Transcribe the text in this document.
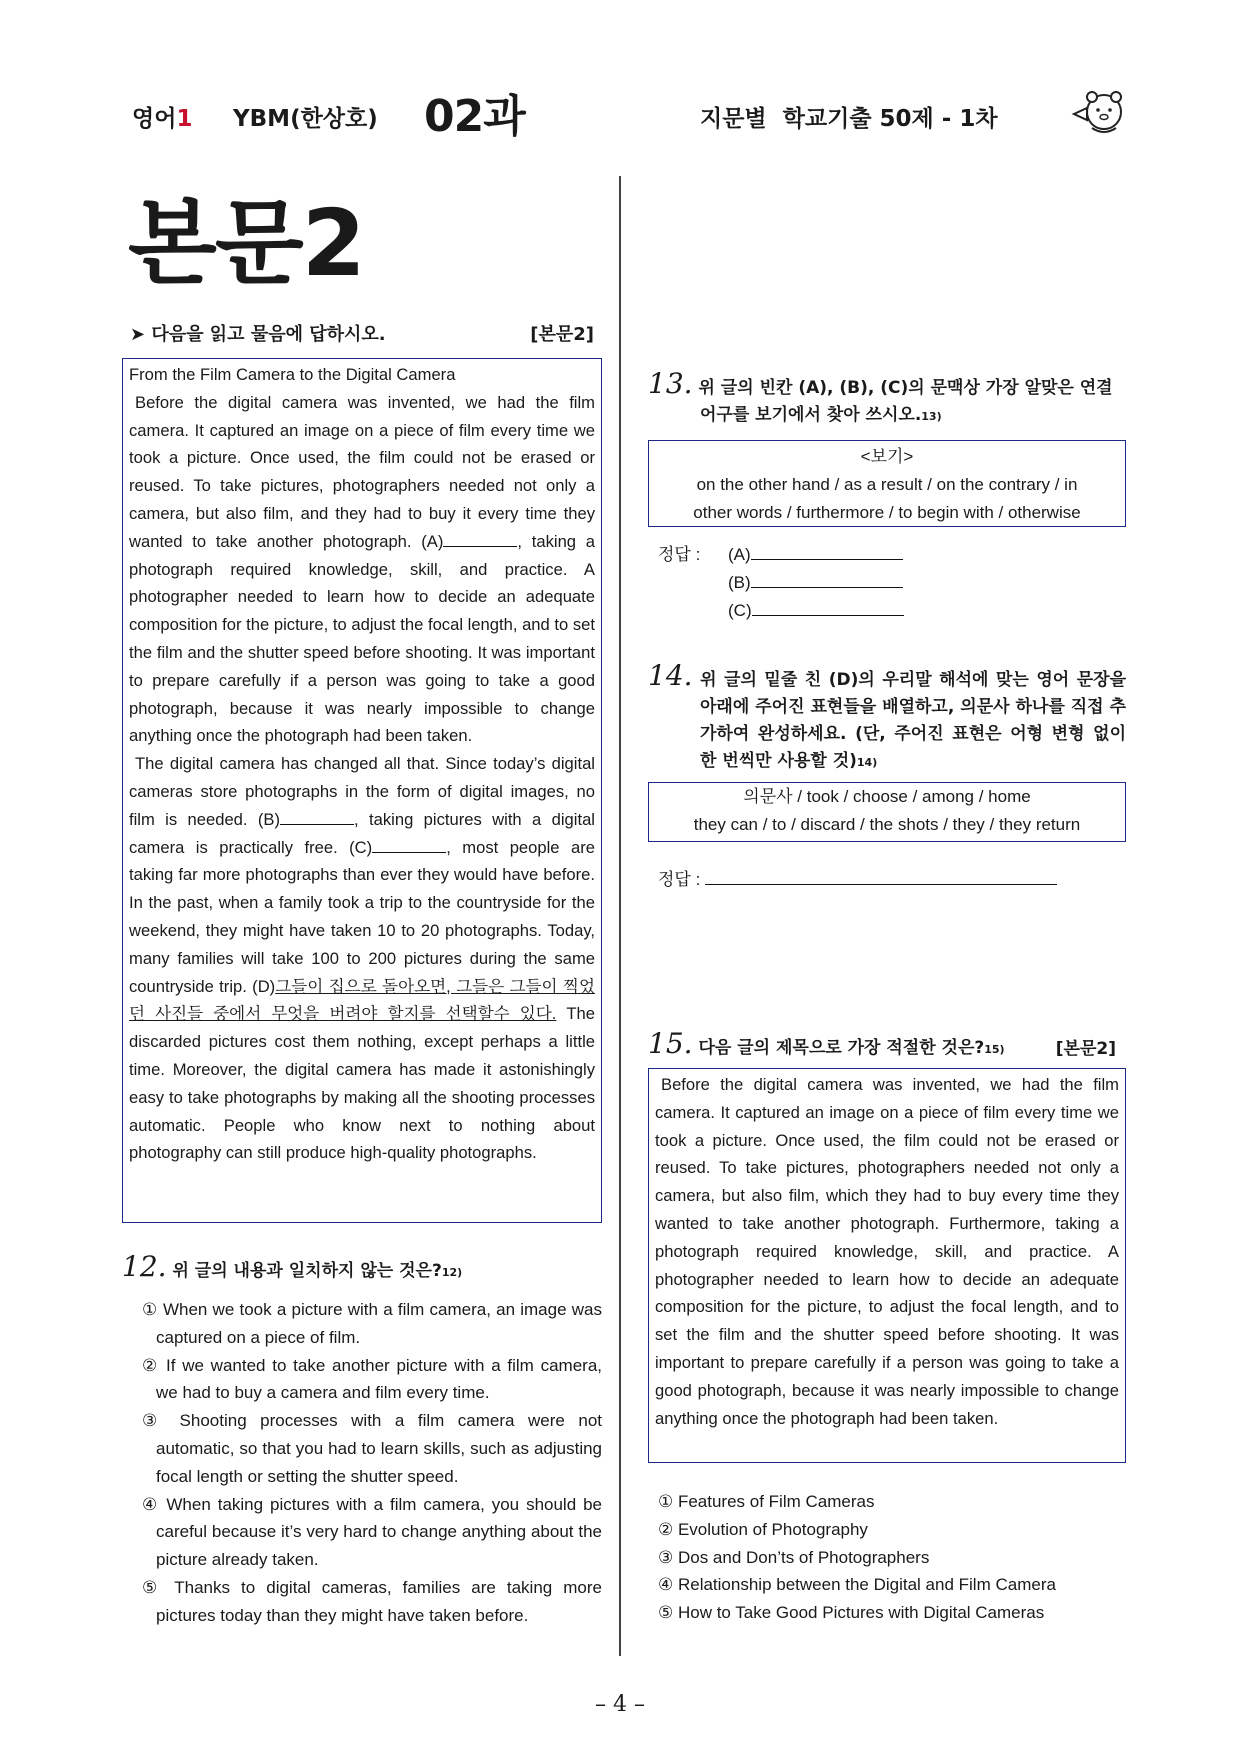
영어1 YBM(한상호) 02과	지문별  학교기출 50제 - 1차
본문2
➤ 다음을 읽고 물음에 답하시오.	[본문2]

From the Film Camera to the Digital Camera

Before the digital camera was invented, we had the film camera. It captured an image on a piece of film every time we took a picture. Once used, the film could not be erased or reused. To take pictures, photographers needed not only a camera, but also film, and they had to buy it every time they wanted to take another photograph. (A)	, taking a photograph required knowledge, skill, and practice. A photographer needed to learn how to decide an adequate composition for the picture, to adjust the focal length, and to set the film and the shutter speed before shooting. It was important to prepare carefully if a person was going to take a good photograph, because it was nearly impossible to change anything once the photograph had been taken.

The digital camera has changed all that. Since today’s digital cameras store photographs in the form of digital images, no film is needed. (B)	, taking pictures with a digital camera is practically free. (C)	, most people are taking far more photographs than ever they would have before. In the past, when a family took a trip to the countryside for the weekend, they might have taken 10 to 20 photographs. Today, many families will take 100 to 200 pictures during the same countryside trip. (D)그들이 집으로 돌아오면, 그들은 그들이 찍었던 사진들 중에서 무엇을 버려야 할지를 선택할수 있다. The discarded pictures cost them nothing, except perhaps a little time. Moreover, the digital camera has made it astonishingly easy to take photographs by making all the shooting processes automatic. People who know next to nothing about photography can still produce high-quality photographs.

12. 위 글의 내용과 일치하지 않는 것은?12)
① When we took a picture with a film camera, an image was captured on a piece of film.
② If we wanted to take another picture with a film camera, we had to buy a camera and film every time.
③ Shooting processes with a film camera were not automatic, so that you had to learn skills, such as adjusting focal length or setting the shutter speed.
④ When taking pictures with a film camera, you should be careful because it’s very hard to change anything about the picture already taken.
⑤ Thanks to digital cameras, families are taking more pictures today than they might have taken before.
13. 위 글의 빈칸 (A), (B), (C)의 문맥상 가장 알맞은 연결어구를 보기에서 찾아 쓰시오.13)
<보기>
on the other hand / as a result / on the contrary / in
other words / furthermore / to begin with / otherwise
정답 : (A)
(B)
(C)
14. 위 글의 밑줄 친 (D)의 우리말 해석에 맞는 영어 문장을 아래에 주어진 표현들을 배열하고, 의문사 하나를 직접 추가하여 완성하세요. (단, 주어진 표현은 어형 변형 없이 한 번씩만 사용할 것)14)
의문사 / took / choose / among / home
they can / to / discard / the shots / they / they return
정답 :
15. 다음 글의 제목으로 가장 적절한 것은?15)	[본문2]

Before the digital camera was invented, we had the film camera. It captured an image on a piece of film every time we took a picture. Once used, the film could not be erased or reused. To take pictures, photographers needed not only a camera, but also film, which they had to buy every time they wanted to take another photograph. Furthermore, taking a photograph required knowledge, skill, and practice. A photographer needed to learn how to decide an adequate composition for the picture, to adjust the focal length, and to set the film and the shutter speed before shooting. It was important to prepare carefully if a person was going to take a good photograph, because it was nearly impossible to change anything once the photograph had been taken.

① Features of Film Cameras
② Evolution of Photography
③ Dos and Don’ts of Photographers
④ Relationship between the Digital and Film Camera
⑤ How to Take Good Pictures with Digital Cameras
– 4 –
